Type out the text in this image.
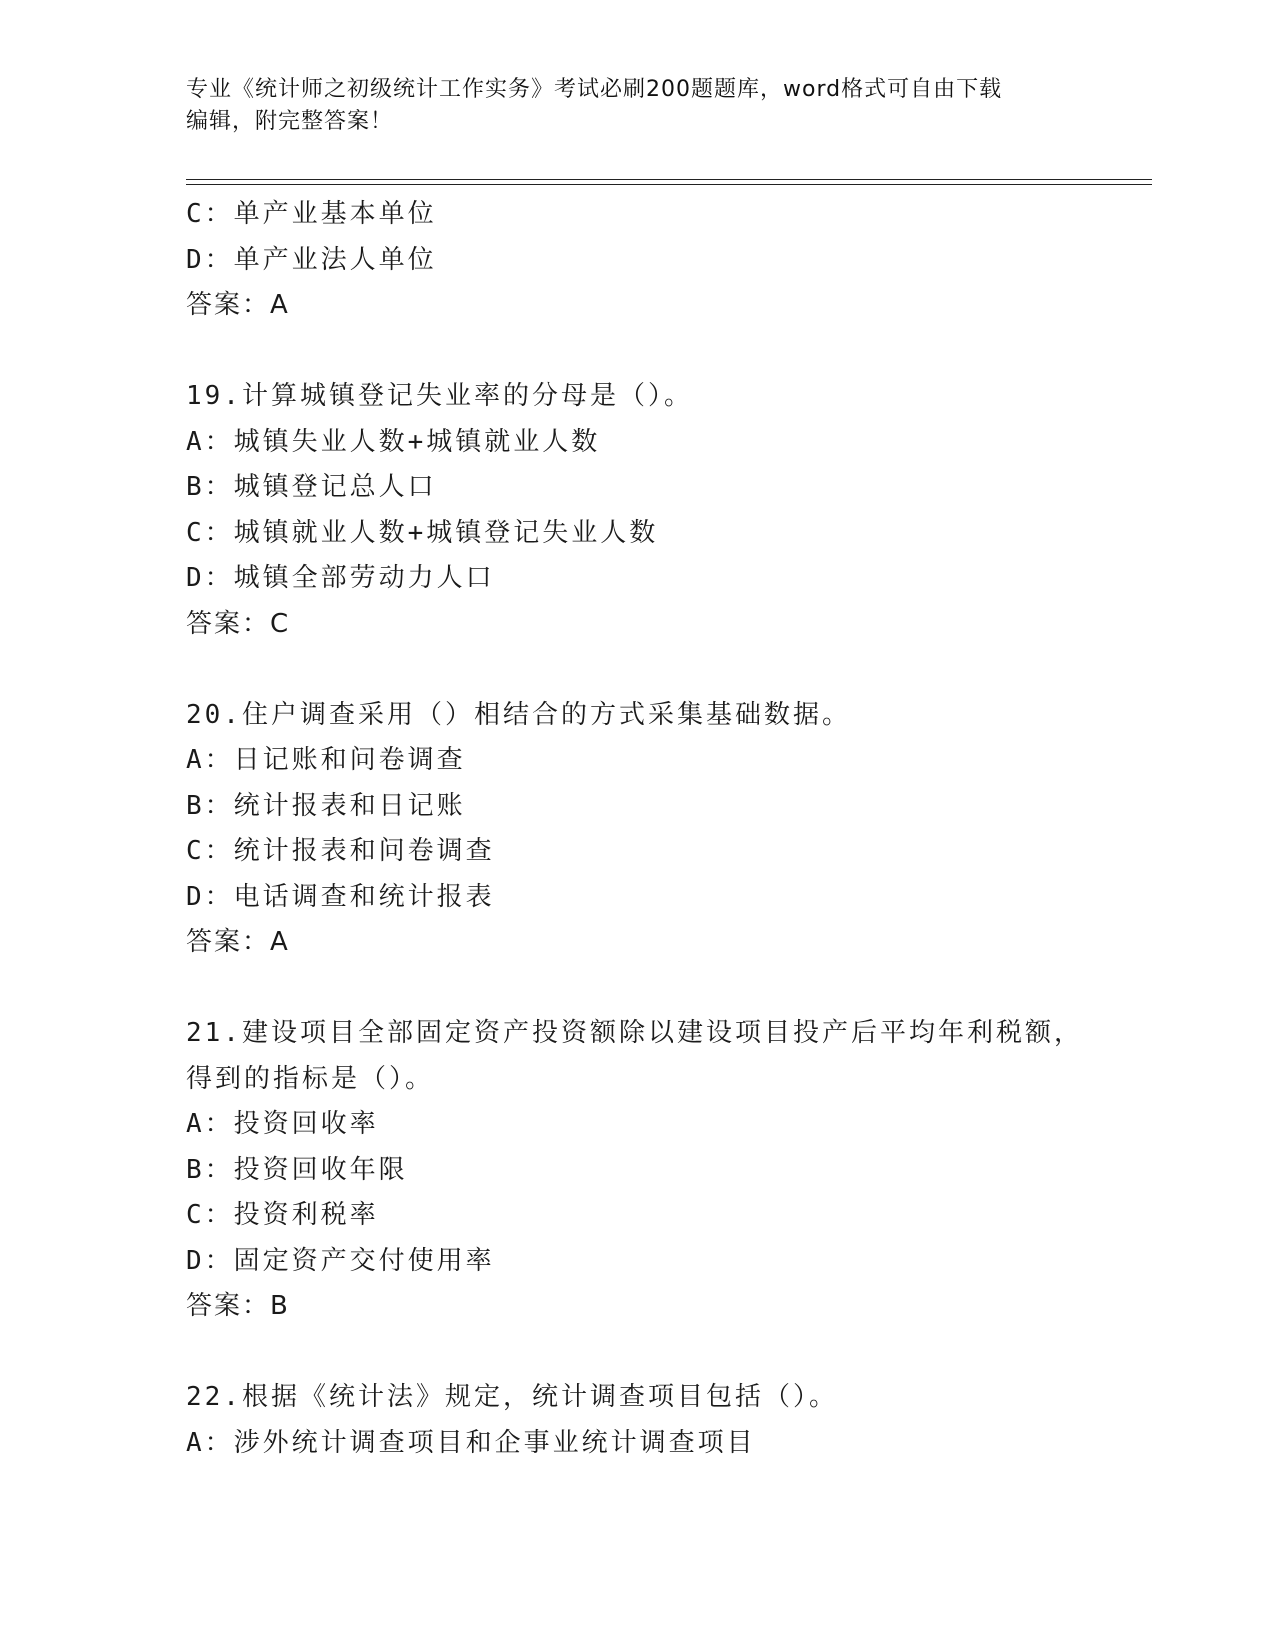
专业《统计师之初级统计工作实务》考试必刷200题题库，word格式可自由下载
编辑，附完整答案！
C：单产业基本单位
D：单产业法人单位
答案：A
19.计算城镇登记失业率的分母是（）。
A：城镇失业人数+城镇就业人数
B：城镇登记总人口
C：城镇就业人数+城镇登记失业人数
D：城镇全部劳动力人口
答案：C
20.住户调查采用（）相结合的方式采集基础数据。
A：日记账和问卷调查
B：统计报表和日记账
C：统计报表和问卷调查
D：电话调查和统计报表
答案：A
21.建设项目全部固定资产投资额除以建设项目投产后平均年利税额，
得到的指标是（）。
A：投资回收率
B：投资回收年限
C：投资利税率
D：固定资产交付使用率
答案：B
22.根据《统计法》规定，统计调查项目包括（）。
A：涉外统计调查项目和企事业统计调查项目
